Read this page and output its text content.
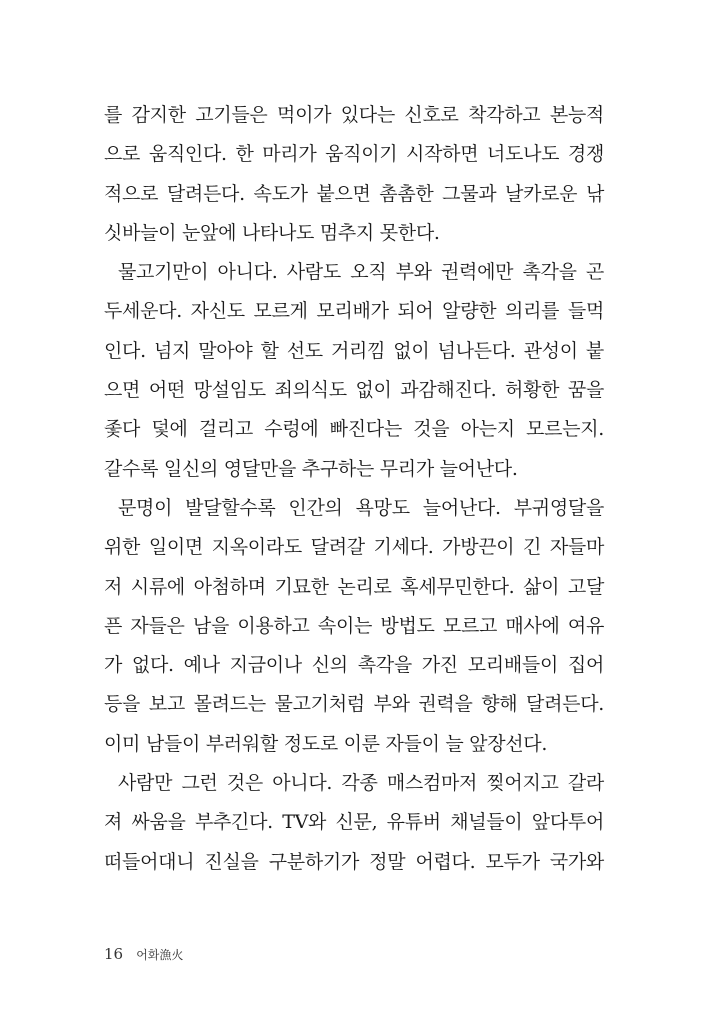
를 감지한 고기들은 먹이가 있다는 신호로 착각하고 본능적
으로 움직인다. 한 마리가 움직이기 시작하면 너도나도 경쟁
적으로 달려든다. 속도가 붙으면 촘촘한 그물과 날카로운 낚
싯바늘이 눈앞에 나타나도 멈추지 못한다.
물고기만이 아니다. 사람도 오직 부와 권력에만 촉각을 곤
두세운다. 자신도 모르게 모리배가 되어 알량한 의리를 들먹
인다. 넘지 말아야 할 선도 거리낌 없이 넘나든다. 관성이 붙
으면 어떤 망설임도 죄의식도 없이 과감해진다. 허황한 꿈을
좇다 덫에 걸리고 수렁에 빠진다는 것을 아는지 모르는지.
갈수록 일신의 영달만을 추구하는 무리가 늘어난다.
문명이 발달할수록 인간의 욕망도 늘어난다. 부귀영달을
위한 일이면 지옥이라도 달려갈 기세다. 가방끈이 긴 자들마
저 시류에 아첨하며 기묘한 논리로 혹세무민한다. 삶이 고달
픈 자들은 남을 이용하고 속이는 방법도 모르고 매사에 여유
가 없다. 예나 지금이나 신의 촉각을 가진 모리배들이 집어
등을 보고 몰려드는 물고기처럼 부와 권력을 향해 달려든다.
이미 남들이 부러워할 정도로 이룬 자들이 늘 앞장선다.
사람만 그런 것은 아니다. 각종 매스컴마저 찢어지고 갈라
져 싸움을 부추긴다. TV와 신문, 유튜버 채널들이 앞다투어
떠들어대니 진실을 구분하기가 정말 어렵다. 모두가 국가와
16 어화漁火
